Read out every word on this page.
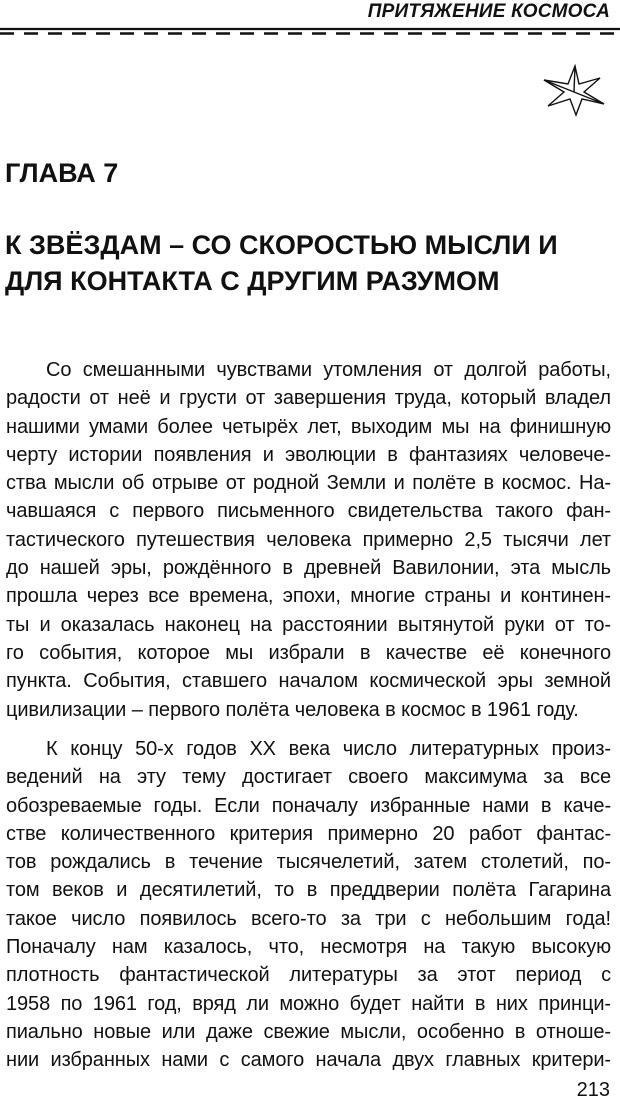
ПРИТЯЖЕНИЕ КОСМОСА
ГЛАВА 7
К ЗВЁЗДАМ – СО СКОРОСТЬЮ МЫСЛИ И
ДЛЯ КОНТАКТА С ДРУГИМ РАЗУМОМ
Со смешанными чувствами утомления от долгой работы,
радости от неё и грусти от завершения труда, который владел
нашими умами более четырёх лет, выходим мы на финишную
черту истории появления и эволюции в фантазиях человече-
ства мысли об отрыве от родной Земли и полёте в космос. На-
чавшаяся с первого письменного свидетельства такого фан-
тастического путешествия человека примерно 2,5 тысячи лет
до нашей эры, рождённого в древней Вавилонии, эта мысль
прошла через все времена, эпохи, многие страны и континен-
ты и оказалась наконец на расстоянии вытянутой руки от то-
го события, которое мы избрали в качестве её конечного
пункта. События, ставшего началом космической эры земной
цивилизации – первого полёта человека в космос в 1961 году.
К концу 50-х годов XX века число литературных произ-
ведений на эту тему достигает своего максимума за все
обозреваемые годы. Если поначалу избранные нами в каче-
стве количественного критерия примерно 20 работ фантас-
тов рождались в течение тысячелетий, затем столетий, по-
том веков и десятилетий, то в преддверии полёта Гагарина
такое число появилось всего-то за три с небольшим года!
Поначалу нам казалось, что, несмотря на такую высокую
плотность фантастической литературы за этот период с
1958 по 1961 год, вряд ли можно будет найти в них принци-
пиально новые или даже свежие мысли, особенно в отноше-
нии избранных нами с самого начала двух главных критери-
213
